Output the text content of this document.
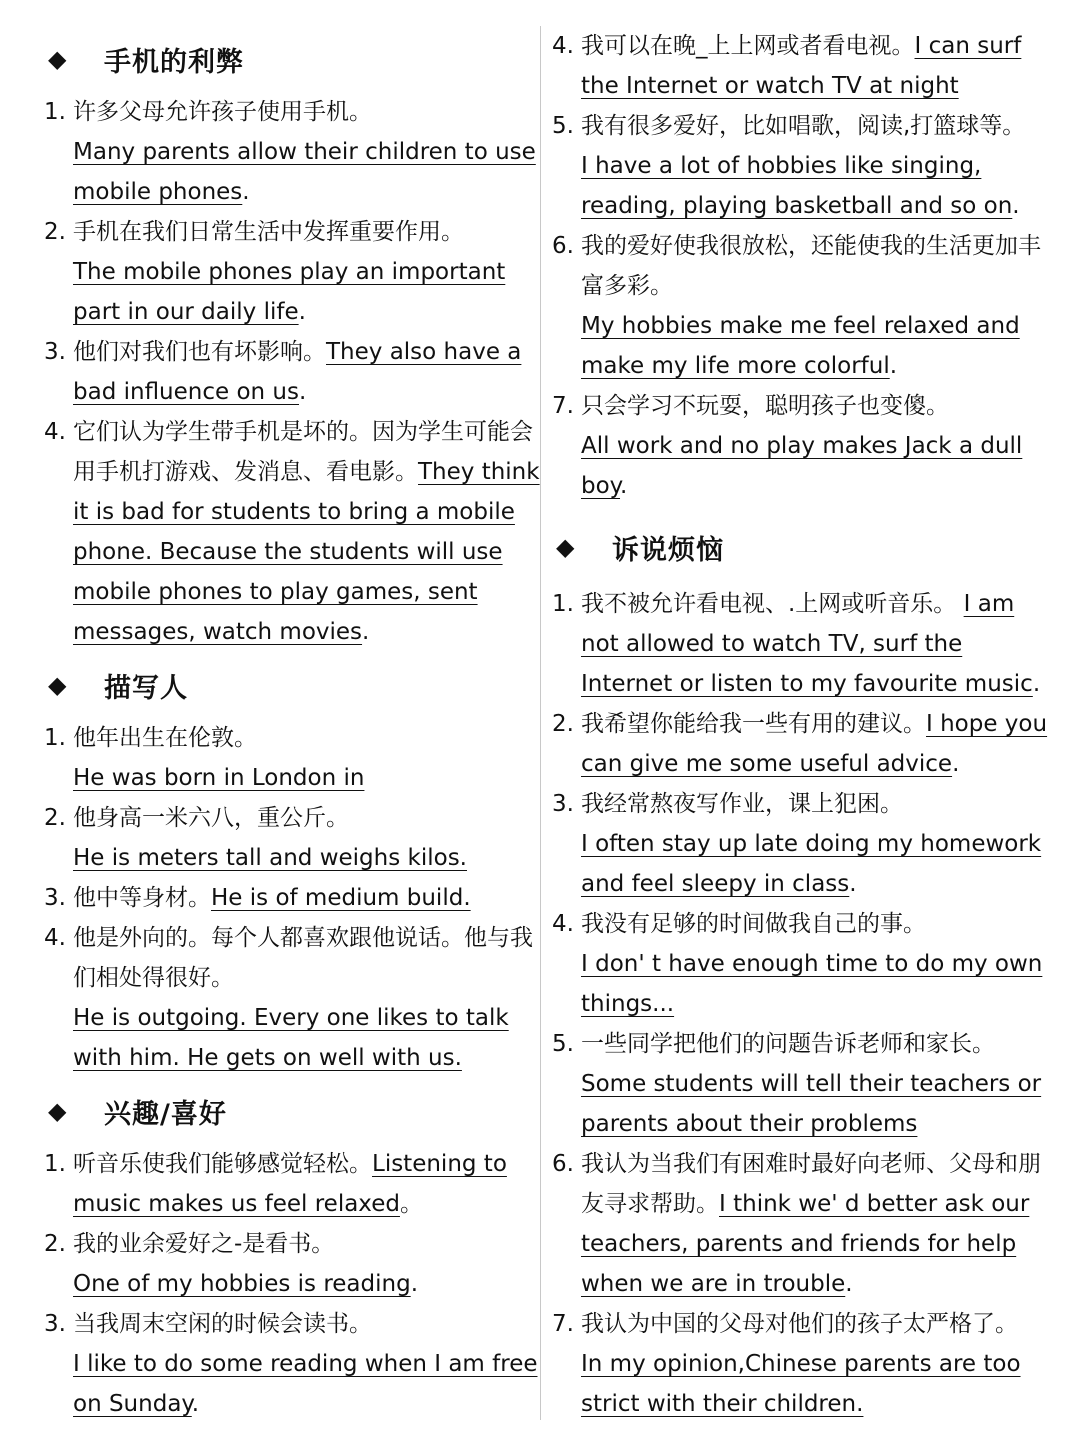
◆	手机的利弊
1. 许多父母允许孩子使用手机。
Many parents allow their children to use mobile phones.
2. 手机在我们日常生活中发挥重要作用。
The mobile phones play an important part in our daily life.
3. 他们对我们也有坏影响。They also have a bad influence on us.
4. 它们认为学生带手机是坏的。因为学生可能会用手机打游戏、发消息、看电影。They think it is bad for students to bring a mobile phone. Because the students will use mobile phones to play games, sent messages, watch movies.
◆	描写人
1. 他年出生在伦敦。
He was born in London in
2. 他身高一米六八，重公斤。
He is meters tall and weighs kilos.
3. 他中等身材。He is of medium build.
4. 他是外向的。每个人都喜欢跟他说话。他与我们相处得很好。
He is outgoing. Every one likes to talk with him. He gets on well with us.
◆	兴趣/喜好
1. 听音乐使我们能够感觉轻松。Listening to music makes us feel relaxed。
2. 我的业余爱好之-是看书。
One of my hobbies is reading.
3. 当我周末空闲的时候会读书。
I like to do some reading when I am free on Sunday.
4. 我可以在晚_上上网或者看电视。I can surf the Internet or watch TV at night
5. 我有很多爱好，比如唱歌，阅读,打篮球等。
I have a lot of hobbies like singing, reading, playing basketball and so on.
6. 我的爱好使我很放松，还能使我的生活更加丰富多彩。
My hobbies make me feel relaxed and make my life more colorful.
7. 只会学习不玩耍，聪明孩子也变傻。
All work and no play makes Jack a dull boy.
◆	诉说烦恼
1. 我不被允许看电视、.上网或听音乐。 I am not allowed to watch TV, surf the Internet or listen to my favourite music.
2. 我希望你能给我一些有用的建议。I hope you can give me some useful advice.
3. 我经常熬夜写作业，课上犯困。
I often stay up late doing my homework and feel sleepy in class.
4. 我没有足够的时间做我自己的事。
I don' t have enough time to do my own things...
5. 一些同学把他们的问题告诉老师和家长。
Some students will tell their teachers or parents about their problems
6. 我认为当我们有困难时最好向老师、父母和朋友寻求帮助。I think we' d better ask our teachers, parents and friends for help when we are in trouble.
7. 我认为中国的父母对他们的孩子太严格了。
In my opinion,Chinese parents are too strict with their children.
